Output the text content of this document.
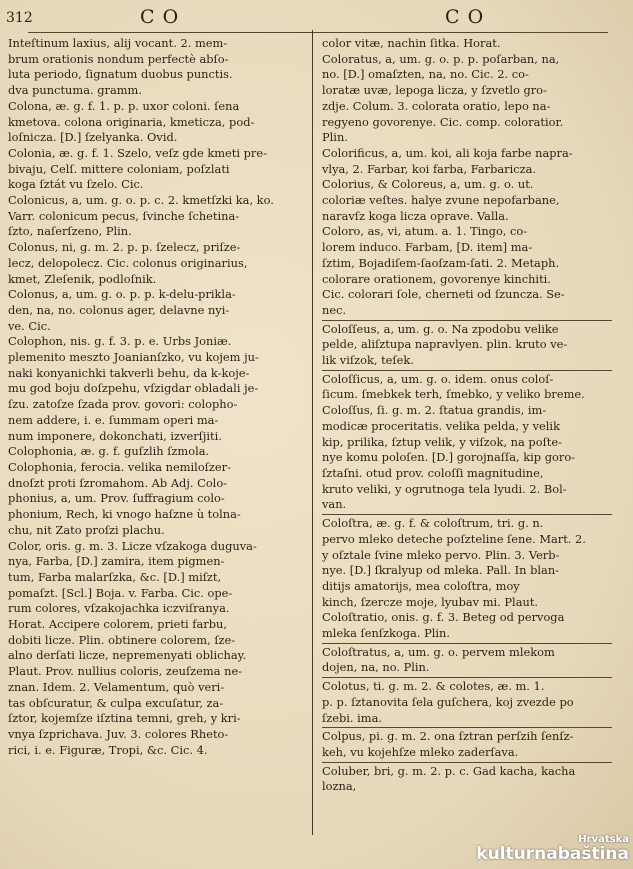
312	C O	C O
Inteſtinum laxius, alij vocant. 2. mem-
brum orationis nondum perfectè abſo-
luta periodo, ſignatum duobus punctis.
dva punctuma. gramm.
Colona, æ. g. f. 1. p. p. uxor coloni. ſena
kmetova. colona originaria, kmeticza, pod-
loſnicza. [D.] ſzelyanka. Ovid.
Colonia, æ. g. f. 1. Szelo, veſz gde kmeti pre-
bivaju, Celſ. mittere coloniam, poſzlati
koga ſztát vu ſzelo. Cic.
Colonicus, a, um. g. o. p. c. 2. kmetſzki ka, ko.
Varr. colonicum pecus, ſvinche ſchetina-
ſzto, naſerſzeno, Plin.
Colonus, ni, g. m. 2. p. p. ſzelecz, priſze-
lecz, delopolecz. Cic. colonus originarius,
kmet, Zleſenik, podloſnik.
Colonus, a, um. g. o. p. p. k-delu-prikla-
den, na, no. colonus ager, delavne nyi-
ve. Cic.
Colophon, nis. g. f. 3. p. e. Urbs Joniæ.
plemenito meszto Joanianſzko, vu kojem ju-
naki konyanichki takverli behu, da k-koje-
mu god boju doſzpehu, vſzigdar obladali je-
ſzu. zatoſze ſzada prov. govori: colopho-
nem addere, i. e. ſummam operi ma-
num imponere, dokonchati, izverſjiti.
Colophonia, æ. g. f. guſzlih ſzmola.
Colophonia, ferocia. velika nemiloſzer-
dnoſzt proti ſzromahom. Ab Adj. Colo-
phonius, a, um. Prov. ſuffragium colo-
phonium, Rech, ki vnogo haſzne ù tolna-
chu, nit Zato proſzi plachu.
Color, oris. g. m. 3. Licze vſzakoga duguva-
nya, Farba, [D.] zamira, item pigmen-
tum, Farba malarſzka, &c. [D.] miſzt,
pomaſzt. [Scl.] Boja. v. Farba. Cic. ope-
rum colores, vſzakojachka iczviſranya.
Horat. Accipere colorem, prieti farbu,
dobiti licze. Plin. obtinere colorem, ſze-
alno derſati licze, nepremenyati oblichay.
Plaut. Prov. nullius coloris, zeuſzema ne-
znan. Idem. 2. Velamentum, quò veri-
tas obſcuratur, & culpa excuſatur, za-
ſztor, kojemſze iſztina temni, greh, y kri-
vnya ſzprichava. Juv. 3. colores Rheto-
rici, i. e. Figuræ, Tropi, &c. Cic. 4.
color vitæ, nachin ſitka. Horat.
Coloratus, a, um. g. o. p. p. poſarban, na,
no. [D.] omaſzten, na, no. Cic. 2. co-
loratæ uvæ, lepoga licza, y ſzvetlo gro-
zdje. Colum. 3. colorata oratio, lepo na-
regyeno govorenye. Cic. comp. coloratior.
Plin.
Colorificus, a, um. koi, ali koja farbe napra-
vlya, 2. Farbar, koi farba, Farbaricza.
Colorius, & Coloreus, a, um. g. o. ut.
coloriæ veſtes. halye zvune nepofarbane,
naravſz koga licza oprave. Valla.
Coloro, as, vi, atum. a. 1. Tingo, co-
lorem induco. Farbam, [D. item] ma-
ſztim, Bojadiſem-ſaoſzam-ſati. 2. Metaph.
colorare orationem, govorenye kinchiti.
Cic. colorari ſole, cherneti od ſzuncza. Se-
nec.
Coloſſeus, a, um. g. o. Na zpodobu velike
pelde, aliſztupa napravlyen. plin. kruto ve-
lik viſzok, teſek.
Coloſſicus, a, um. g. o. idem. onus coloſ-
ſicum. ſmebkek terh, ſmebko, y veliko breme.
Coloſſus, ſi. g. m. 2. ſtatua grandis, im-
modicæ proceritatis. velika pelda, y velik
kip, prilika, ſztup velik, y viſzok, na poſte-
nye komu poloſen. [D.] gorojnaſſa, kip goro-
ſztaſni. otud prov. coloſſi magnitudine,
kruto veliki, y ogrutnoga tela lyudi. 2. Bol-
van.
Coloſtra, æ. g. f. & coloſtrum, tri. g. n.
pervo mleko deteche poſzteline ſene. Mart. 2.
y oſztale ſvine mleko pervo. Plin. 3. Verb-
nye. [D.] ſkralyup od mleka. Pall. In blan-
ditijs amatorijs, mea coloſtra, moy
kinch, ſzerczе moje, lyubav mi. Plaut.
Coloſtratio, onis. g. f. 3. Beteg od pervoga
mleka ſenſzkoga. Plin.
Coloſtratus, a, um. g. o. pervem mlekom
dojen, na, no. Plin.
Colotus, ti. g. m. 2. & colotes, æ. m. 1.
p. p. ſztanovita ſela guſchera, koj zvezde po
ſzebi. ima.
Colpus, pi. g. m. 2. ona ſztran perſzih ſenſz-
keh, vu kojehſze mleko zaderſava.
Coluber, bri, g. m. 2. p. c. Gad kacha, kacha
lozna,
Hrvatska
kulturnabaština
